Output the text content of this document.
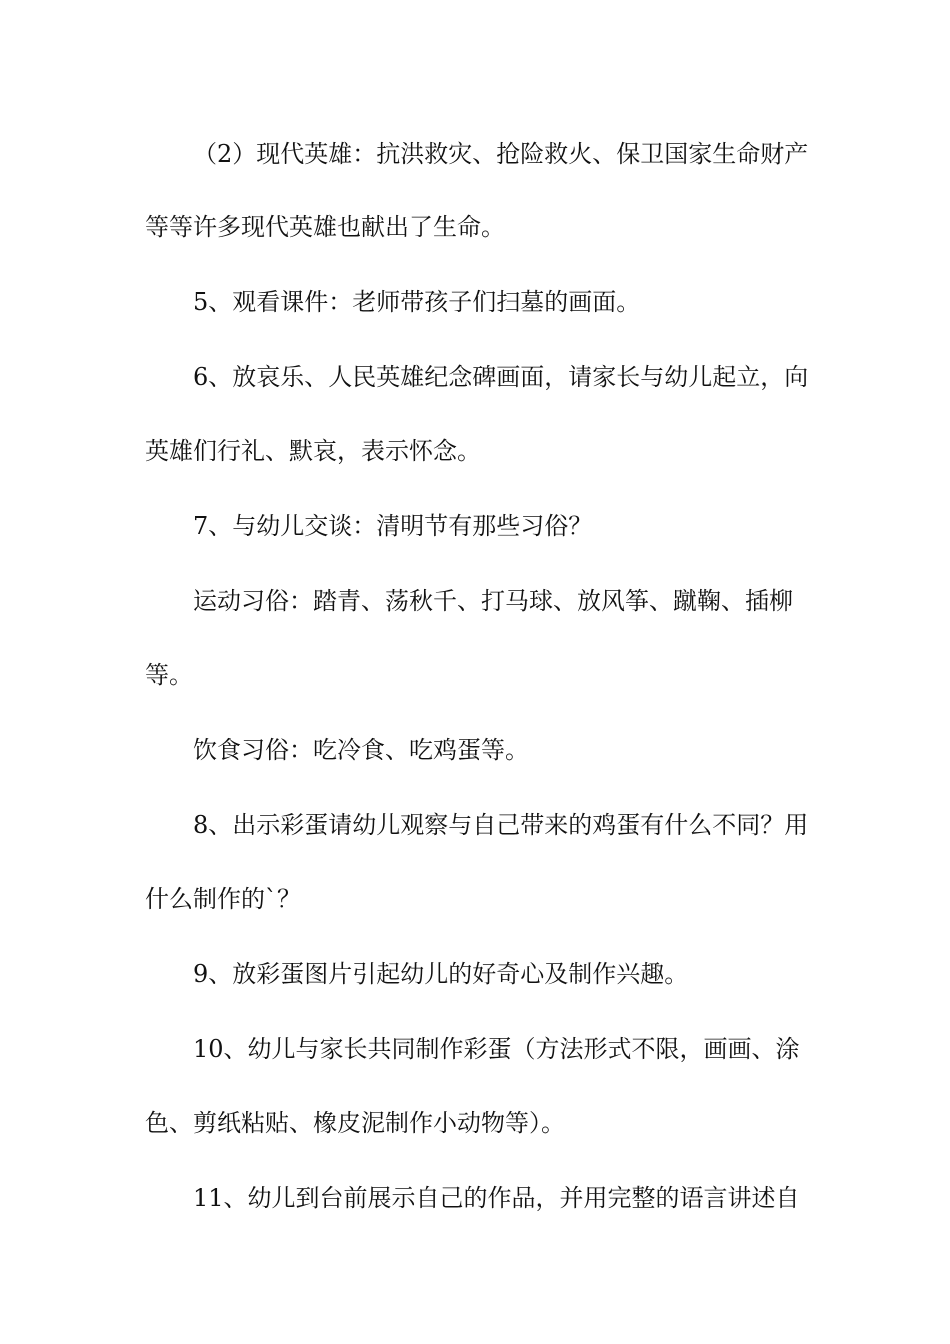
（2）现代英雄：抗洪救灾、抢险救火、保卫国家生命财产
等等许多现代英雄也献出了生命。
5、观看课件：老师带孩子们扫墓的画面。
6、放哀乐、人民英雄纪念碑画面，请家长与幼儿起立，向
英雄们行礼、默哀，表示怀念。
7、与幼儿交谈：清明节有那些习俗？
运动习俗：踏青、荡秋千、打马球、放风筝、蹴鞠、插柳
等。
饮食习俗：吃冷食、吃鸡蛋等。
8、出示彩蛋请幼儿观察与自己带来的鸡蛋有什么不同？用
什么制作的`？
9、放彩蛋图片引起幼儿的好奇心及制作兴趣。
10、幼儿与家长共同制作彩蛋（方法形式不限，画画、涂
色、剪纸粘贴、橡皮泥制作小动物等）。
11、幼儿到台前展示自己的作品，并用完整的语言讲述自
